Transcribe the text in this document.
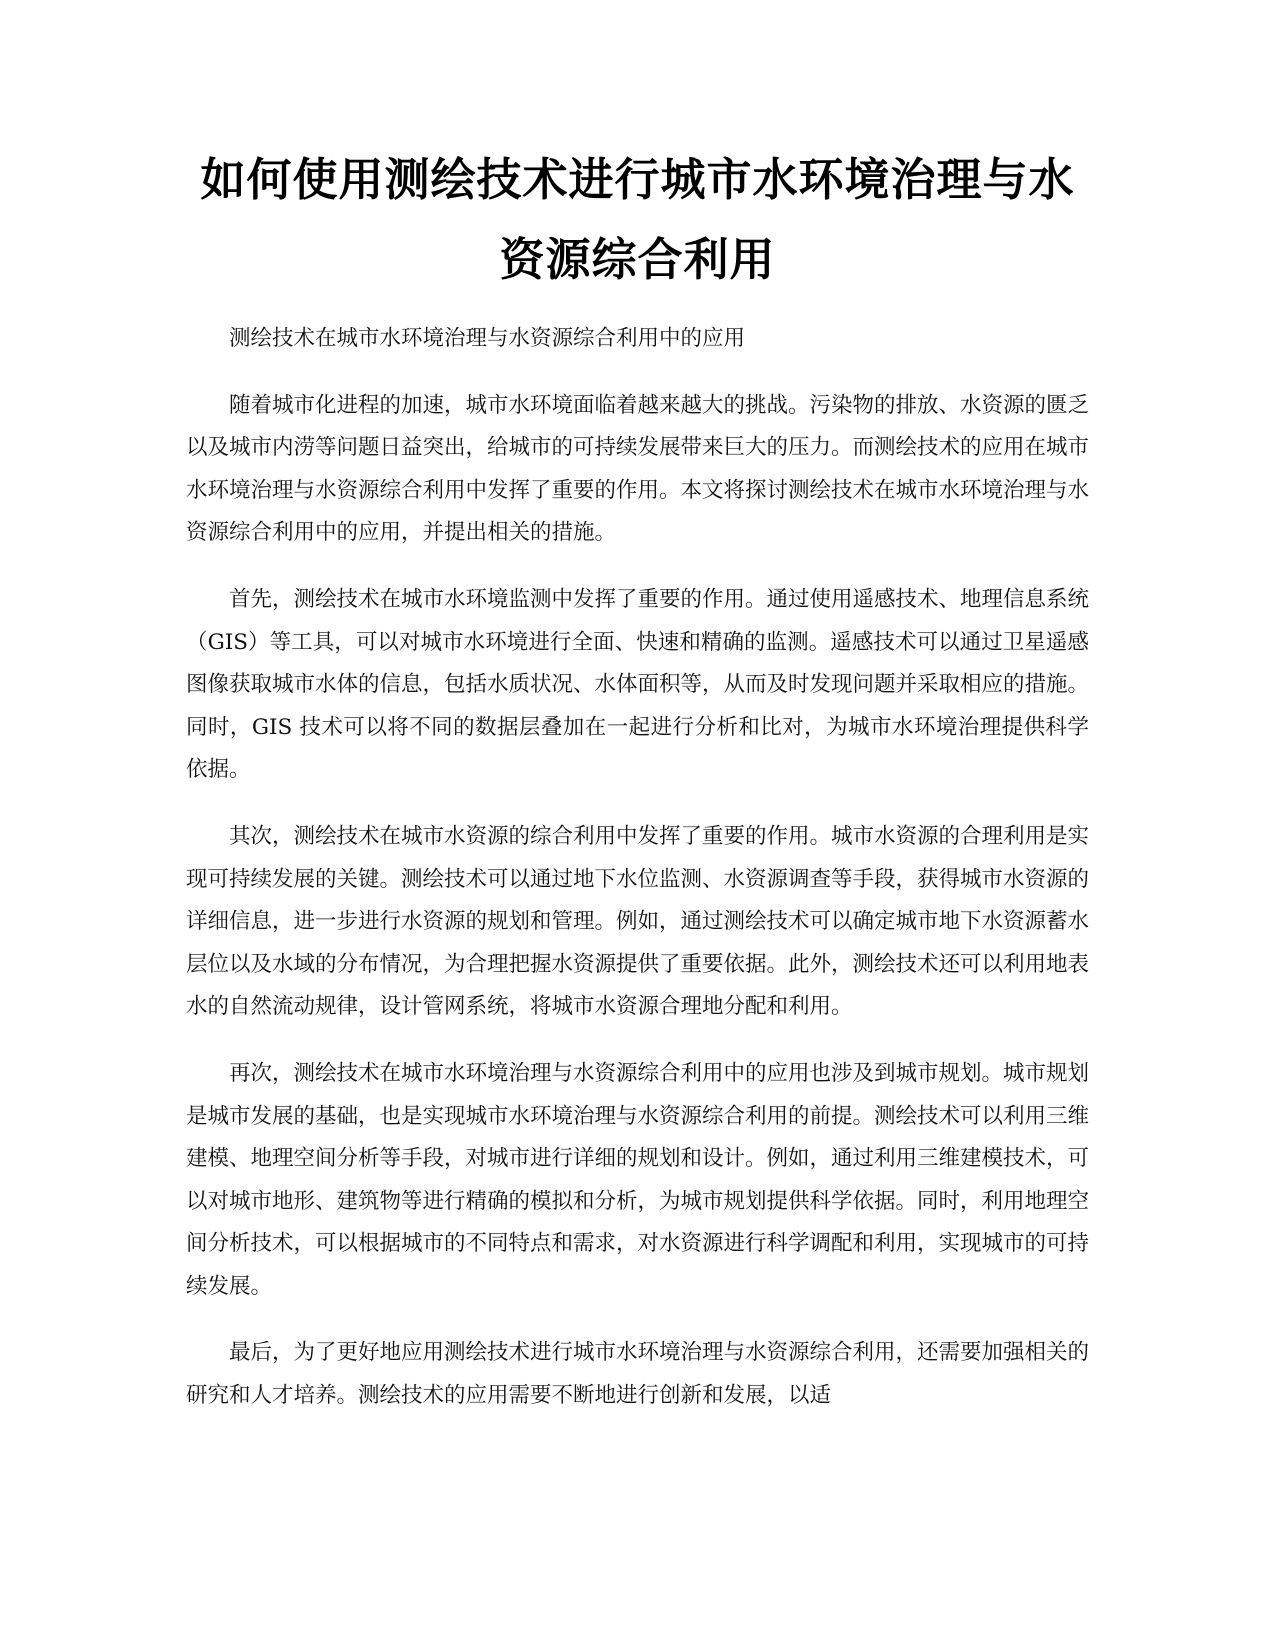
如何使用测绘技术进行城市水环境治理与水资源综合利用

测绘技术在城市水环境治理与水资源综合利用中的应用

随着城市化进程的加速，城市水环境面临着越来越大的挑战。污染物的排放、水资源的匮乏以及城市内涝等问题日益突出，给城市的可持续发展带来巨大的压力。而测绘技术的应用在城市水环境治理与水资源综合利用中发挥了重要的作用。本文将探讨测绘技术在城市水环境治理与水资源综合利用中的应用，并提出相关的措施。

首先，测绘技术在城市水环境监测中发挥了重要的作用。通过使用遥感技术、地理信息系统（GIS）等工具，可以对城市水环境进行全面、快速和精确的监测。遥感技术可以通过卫星遥感图像获取城市水体的信息，包括水质状况、水体面积等，从而及时发现问题并采取相应的措施。同时，GIS 技术可以将不同的数据层叠加在一起进行分析和比对，为城市水环境治理提供科学依据。

其次，测绘技术在城市水资源的综合利用中发挥了重要的作用。城市水资源的合理利用是实现可持续发展的关键。测绘技术可以通过地下水位监测、水资源调查等手段，获得城市水资源的详细信息，进一步进行水资源的规划和管理。例如，通过测绘技术可以确定城市地下水资源蓄水层位以及水域的分布情况，为合理把握水资源提供了重要依据。此外，测绘技术还可以利用地表水的自然流动规律，设计管网系统，将城市水资源合理地分配和利用。

再次，测绘技术在城市水环境治理与水资源综合利用中的应用也涉及到城市规划。城市规划是城市发展的基础，也是实现城市水环境治理与水资源综合利用的前提。测绘技术可以利用三维建模、地理空间分析等手段，对城市进行详细的规划和设计。例如，通过利用三维建模技术，可以对城市地形、建筑物等进行精确的模拟和分析，为城市规划提供科学依据。同时，利用地理空间分析技术，可以根据城市的不同特点和需求，对水资源进行科学调配和利用，实现城市的可持续发展。

最后，为了更好地应用测绘技术进行城市水环境治理与水资源综合利用，还需要加强相关的研究和人才培养。测绘技术的应用需要不断地进行创新和发展，以适
